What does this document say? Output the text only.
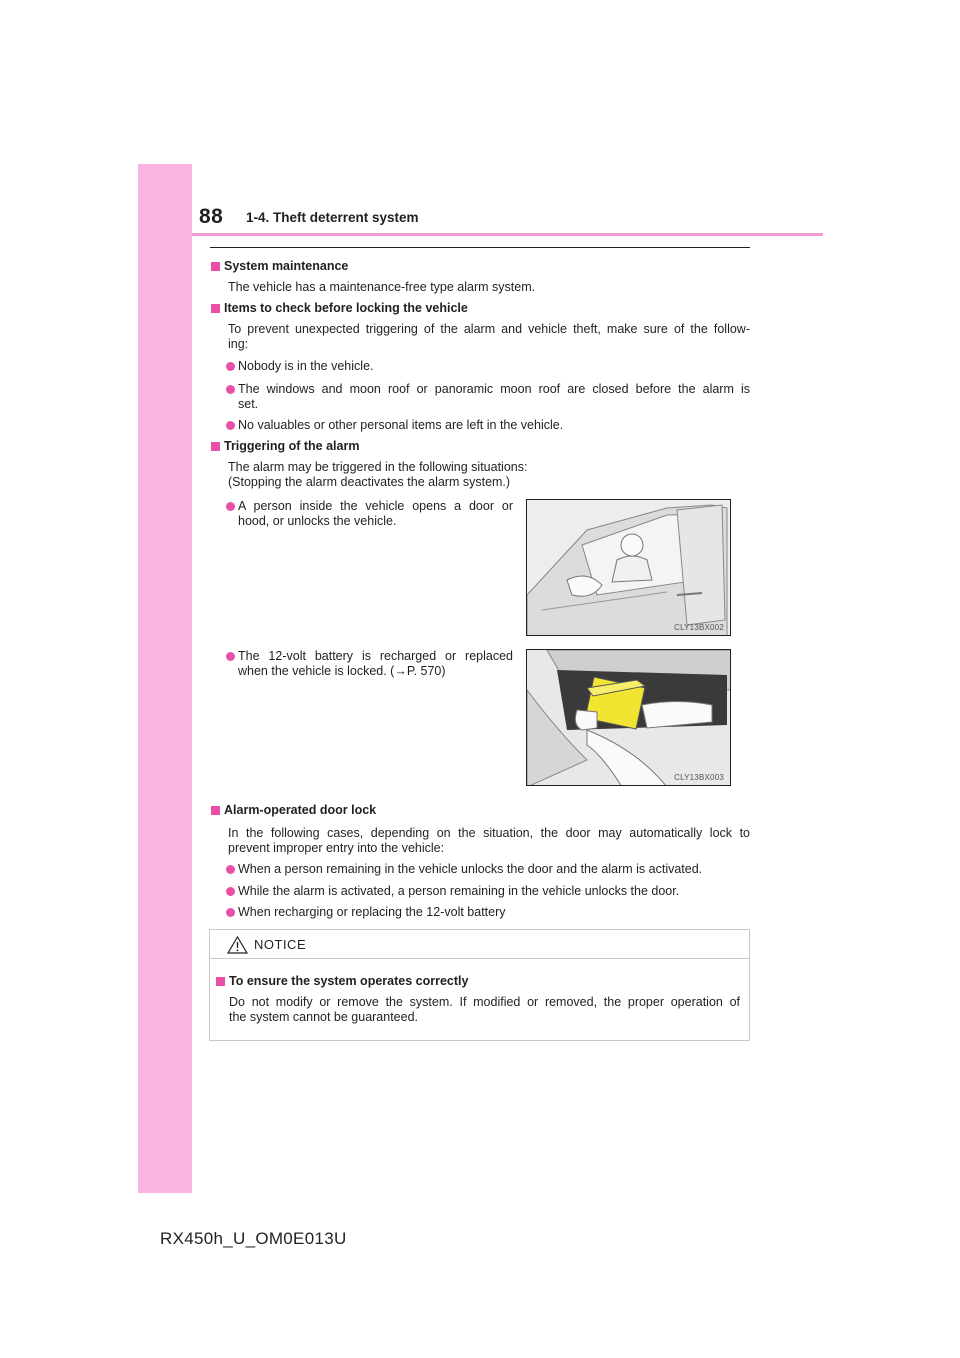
88 1-4. Theft deterrent system
System maintenance
The vehicle has a maintenance-free type alarm system.
Items to check before locking the vehicle
To prevent unexpected triggering of the alarm and vehicle theft, make sure of the follow-
ing:
Nobody is in the vehicle.
The windows and moon roof or panoramic moon roof are closed before the alarm is
set.
No valuables or other personal items are left in the vehicle.
Triggering of the alarm
The alarm may be triggered in the following situations:
(Stopping the alarm deactivates the alarm system.)
A person inside the vehicle opens a door or
hood, or unlocks the vehicle.
CLY13BX002
The 12-volt battery is recharged or replaced
when the vehicle is locked. (→P. 570)
CLY13BX003
Alarm-operated door lock
In the following cases, depending on the situation, the door may automatically lock to
prevent improper entry into the vehicle:
When a person remaining in the vehicle unlocks the door and the alarm is activated.
While the alarm is activated, a person remaining in the vehicle unlocks the door.
When recharging or replacing the 12-volt battery
NOTICE
To ensure the system operates correctly
Do not modify or remove the system. If modified or removed, the proper operation of
the system cannot be guaranteed.
RX450h_U_OM0E013U
